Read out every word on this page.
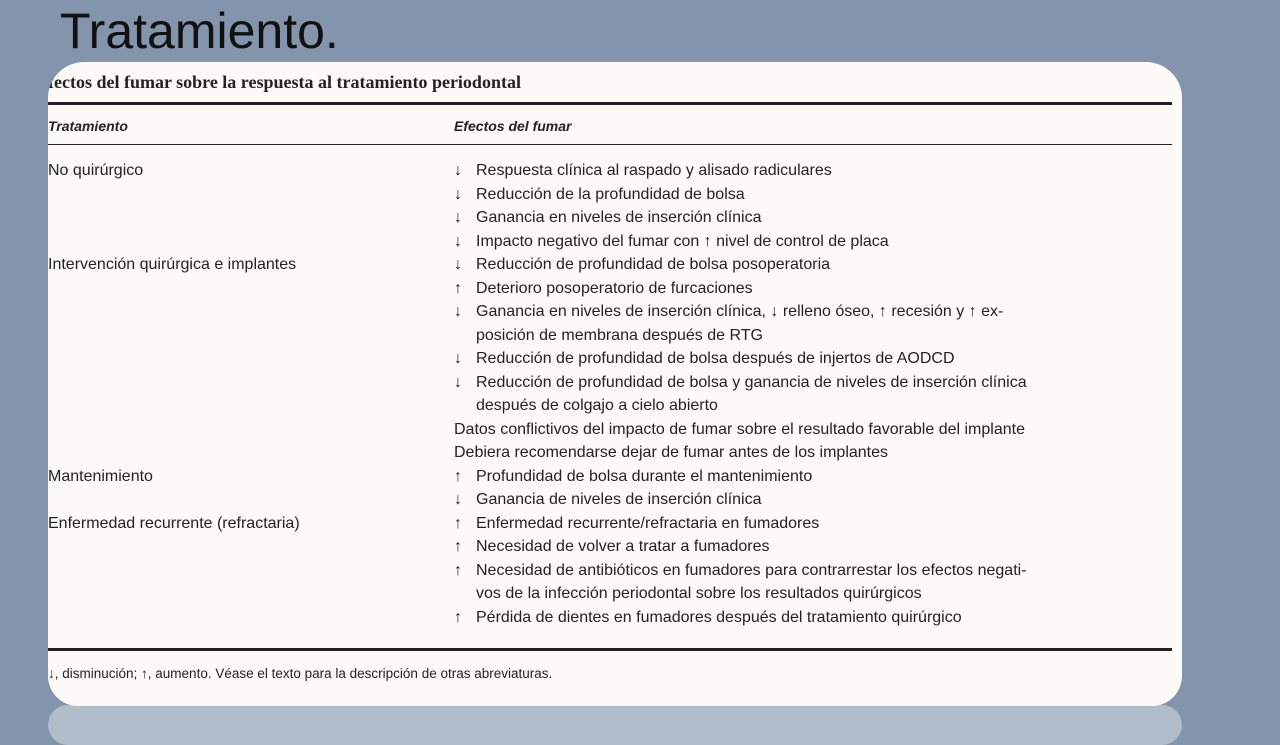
Tratamiento.
fectos del fumar sobre la respuesta al tratamiento periodontal
Tratamiento	Efectos del fumar
No quirúrgico	↓ Respuesta clínica al raspado y alisado radiculares
↓ Reducción de la profundidad de bolsa
↓ Ganancia en niveles de inserción clínica
↓ Impacto negativo del fumar con ↑ nivel de control de placa
Intervención quirúrgica e implantes	↓ Reducción de profundidad de bolsa posoperatoria
↑ Deterioro posoperatorio de furcaciones
↓ Ganancia en niveles de inserción clínica, ↓ relleno óseo, ↑ recesión y ↑ ex-
posición de membrana después de RTG
↓ Reducción de profundidad de bolsa después de injertos de AODCD
↓ Reducción de profundidad de bolsa y ganancia de niveles de inserción clínica
después de colgajo a cielo abierto
Datos conflictivos del impacto de fumar sobre el resultado favorable del implante
Debiera recomendarse dejar de fumar antes de los implantes
Mantenimiento	↑ Profundidad de bolsa durante el mantenimiento
↓ Ganancia de niveles de inserción clínica
Enfermedad recurrente (refractaria)	↑ Enfermedad recurrente/refractaria en fumadores
↑ Necesidad de volver a tratar a fumadores
↑ Necesidad de antibióticos en fumadores para contrarrestar los efectos negati-
vos de la infección periodontal sobre los resultados quirúrgicos
↑ Pérdida de dientes en fumadores después del tratamiento quirúrgico
↓, disminución; ↑, aumento. Véase el texto para la descripción de otras abreviaturas.
